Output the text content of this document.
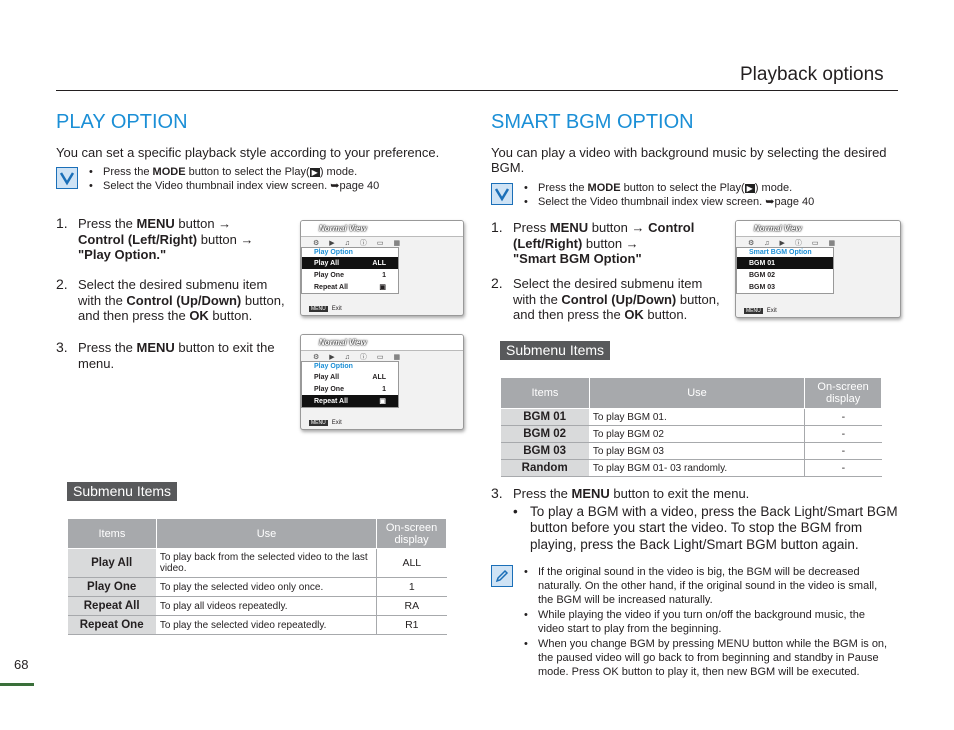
Playback options
PLAY OPTION
You can set a specific playback style according to your preference.
• Press the MODE button to select the Play( ▶ ) mode.
• Select the Video thumbnail index view screen. ➥page 40
1. Press the MENU button →
Control (Left/Right) button →
"Play Option."
2. Select the desired submenu item
with the Control (Up/Down) button,
and then press the OK button.
3. Press the MENU button to exit the
menu.
Normal View
⚙ ▶ ♫ ⓘ ▭ ▦
Play Option
Play All	ALL
Play One	1
Repeat All	▣
MENU	Exit
Normal View
⚙ ▶ ♫ ⓘ ▭ ▦
Play Option
Play All	ALL
Play One	1
Repeat All	▣
MENU	Exit
Submenu Items
Items	Use	On-screen display
Play All	To play back from the selected video to the last video.	ALL
Play One	To play the selected video only once.	1
Repeat All	To play all videos repeatedly.	RA
Repeat One	To play the selected video repeatedly.	R1
SMART BGM OPTION
You can play a video with background music by selecting the desired BGM.
• Press the MODE button to select the Play( ▶ ) mode.
• Select the Video thumbnail index view screen. ➥page 40
1. Press MENU button → Control
(Left/Right) button →
"Smart BGM Option"
2. Select the desired submenu item
with the Control (Up/Down) button,
and then press the OK button.
Normal View
⚙ ♫ ▶ ⓘ ▭ ▦
Smart BGM Option
BGM 01
BGM 02
BGM 03
MENU	Exit
Submenu Items
Items	Use	On-screen display
BGM 01	To play BGM 01.	-
BGM 02	To play BGM 02	-
BGM 03	To play BGM 03	-
Random	To play BGM 01- 03 randomly.	-
3. Press the MENU button to exit the menu.
• To play a BGM with a video, press the Back Light/Smart BGM button before you start the video. To stop the BGM from playing, press the Back Light/Smart BGM button again.
• If the original sound in the video is big, the BGM will be decreased naturally. On the other hand, if the original sound in the video is small, the BGM will be increased naturally.
• While playing the video if you turn on/off the background music, the video start to play from the beginning.
• When you change BGM by pressing MENU button while the BGM is on, the paused video will go back to from beginning and standby in Pause mode. Press OK button to play it, then new BGM will be executed.
68
